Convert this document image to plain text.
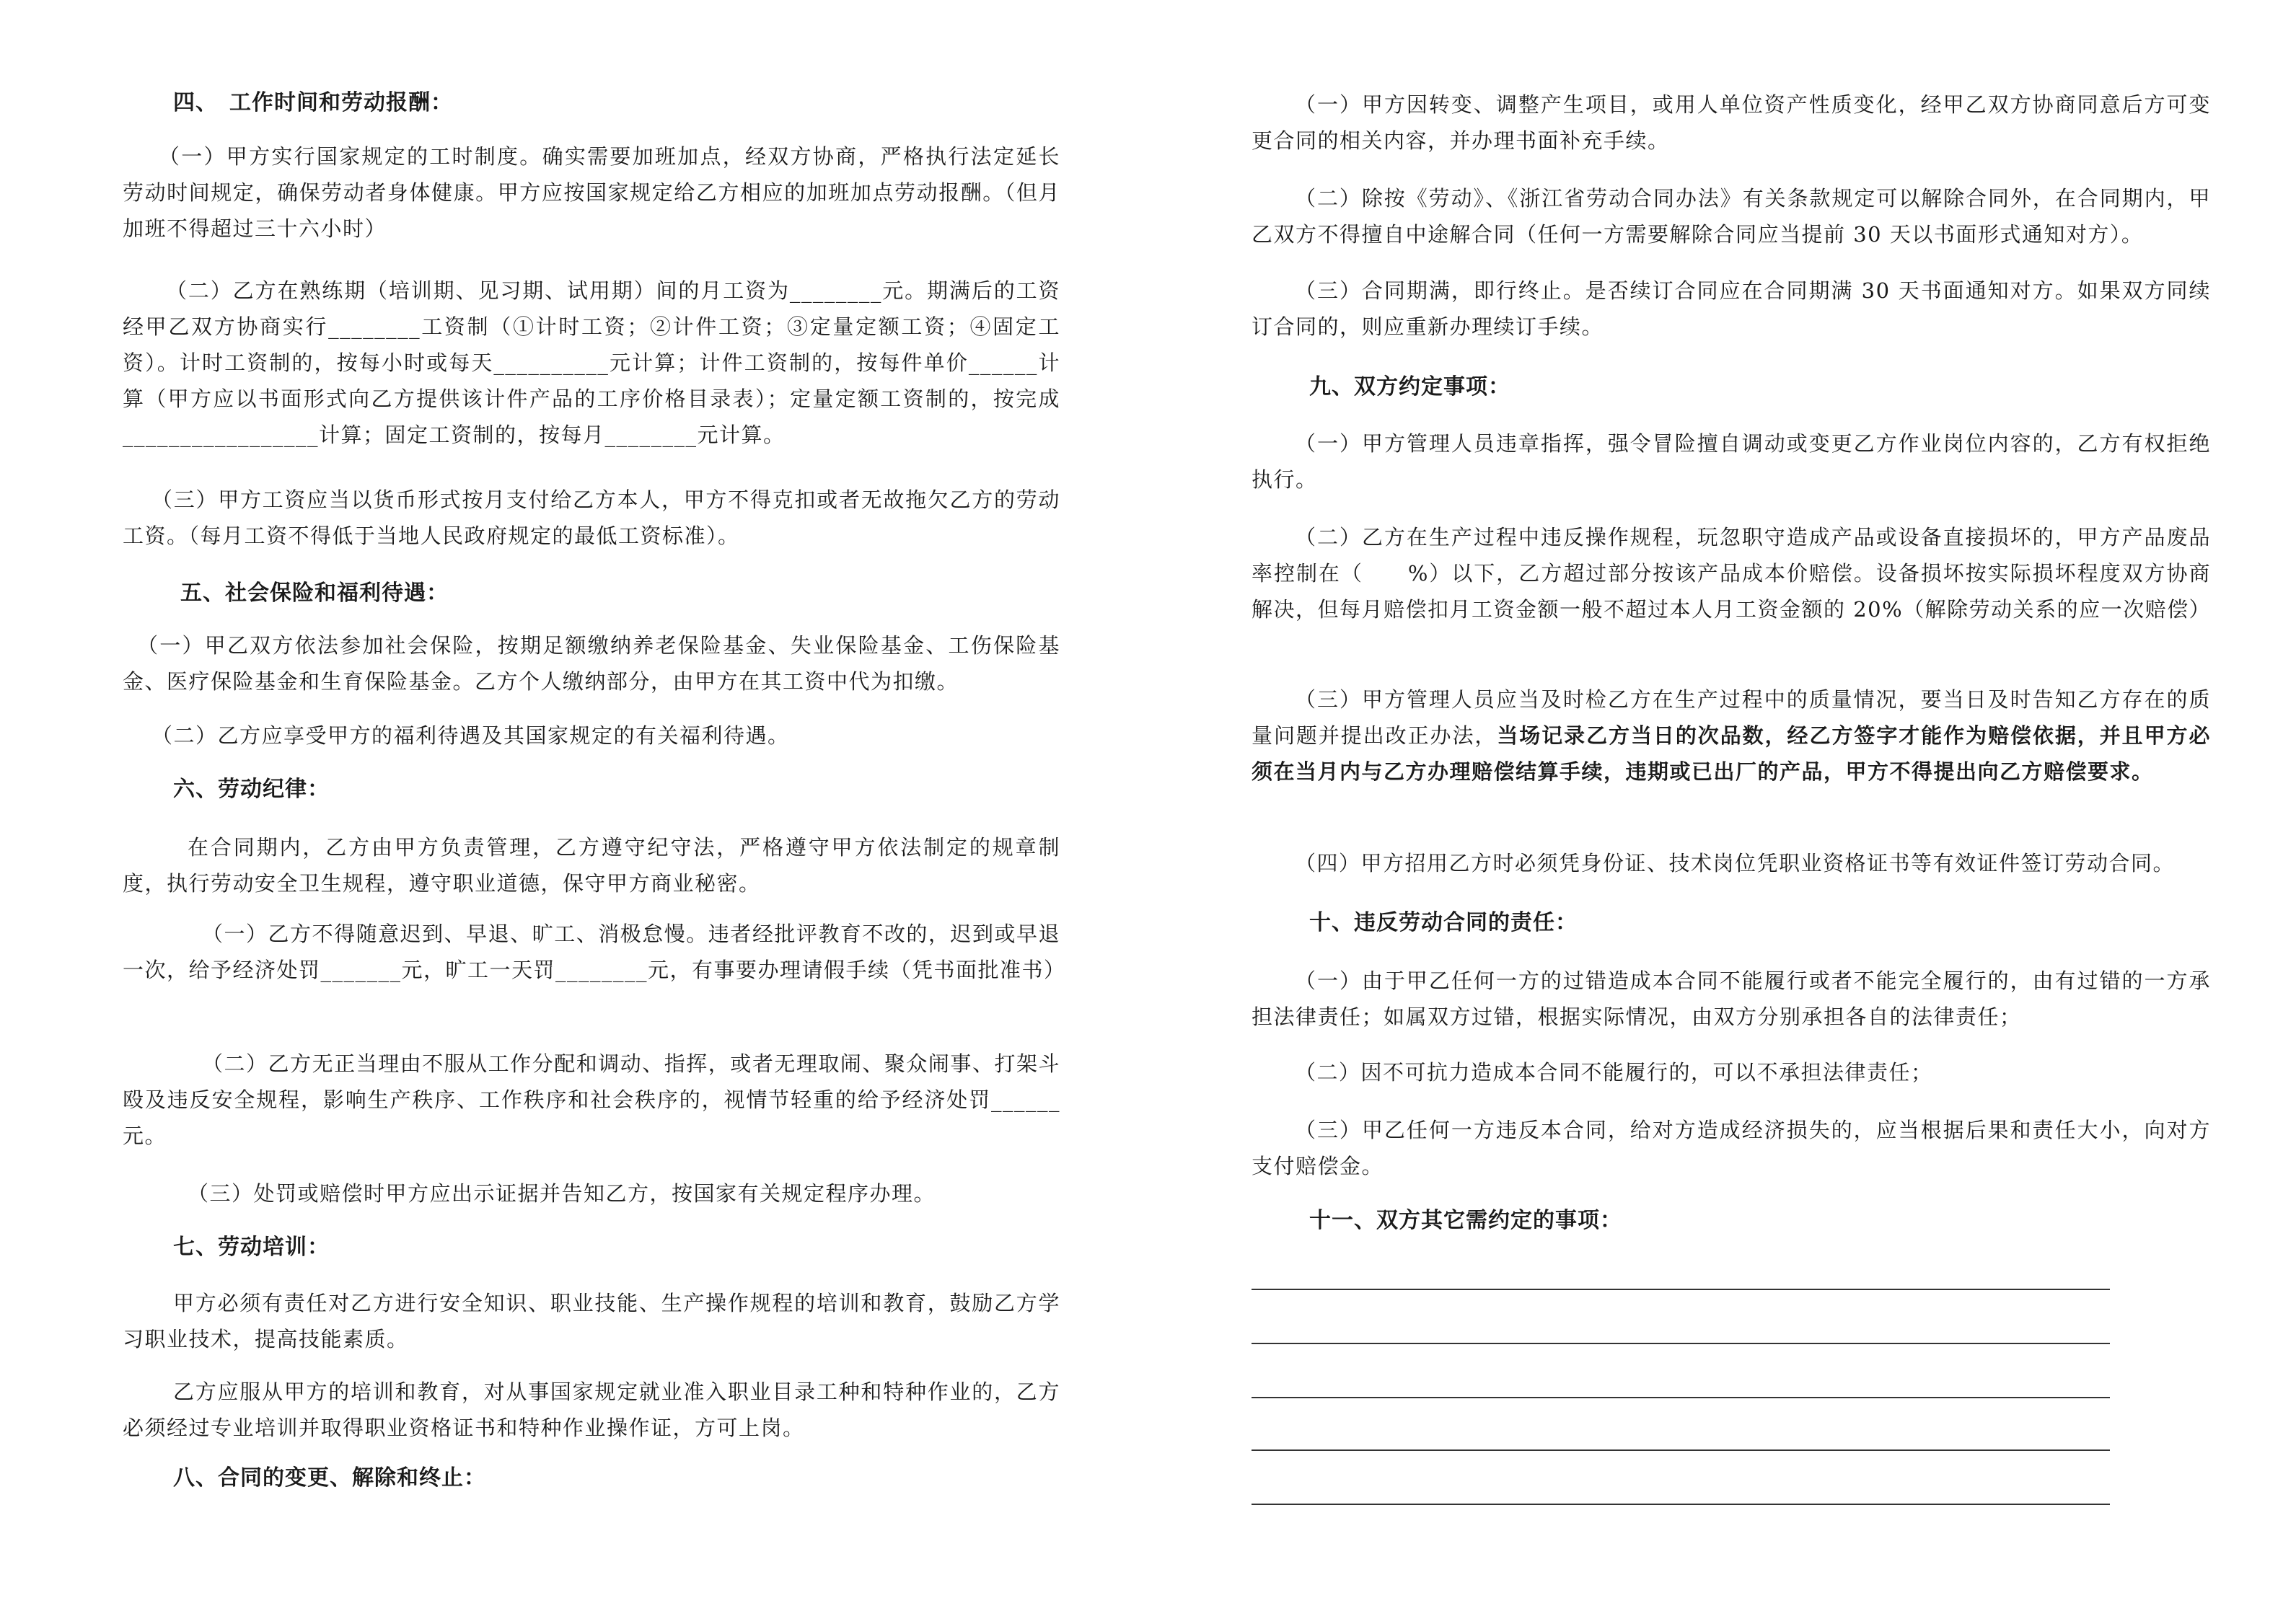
四、　工作时间和劳动报酬：
（一）甲方实行国家规定的工时制度。确实需要加班加点，经双方协商，严格执行法定延长劳动时间规定，确保劳动者身体健康。甲方应按国家规定给乙方相应的加班加点劳动报酬。（但月加班不得超过三十六小时）
（二）乙方在熟练期（培训期、见习期、试用期）间的月工资为________元。期满后的工资经甲乙双方协商实行________工资制（①计时工资；②计件工资；③定量定额工资；④固定工资）。计时工资制的，按每小时或每天__________元计算；计件工资制的，按每件单价______计算（甲方应以书面形式向乙方提供该计件产品的工序价格目录表）；定量定额工资制的，按完成_________________计算；固定工资制的，按每月________元计算。
（三）甲方工资应当以货币形式按月支付给乙方本人，甲方不得克扣或者无故拖欠乙方的劳动工资。（每月工资不得低于当地人民政府规定的最低工资标准）。
五、社会保险和福利待遇：
（一）甲乙双方依法参加社会保险，按期足额缴纳养老保险基金、失业保险基金、工伤保险基金、医疗保险基金和生育保险基金。乙方个人缴纳部分，由甲方在其工资中代为扣缴。
（二）乙方应享受甲方的福利待遇及其国家规定的有关福利待遇。
六、劳动纪律：
在合同期内，乙方由甲方负责管理，乙方遵守纪守法，严格遵守甲方依法制定的规章制度，执行劳动安全卫生规程，遵守职业道德，保守甲方商业秘密。
（一）乙方不得随意迟到、早退、旷工、消极怠慢。违者经批评教育不改的，迟到或早退一次，给予经济处罚_______元，旷工一天罚________元，有事要办理请假手续（凭书面批准书）
（二）乙方无正当理由不服从工作分配和调动、指挥，或者无理取闹、聚众闹事、打架斗殴及违反安全规程，影响生产秩序、工作秩序和社会秩序的，视情节轻重的给予经济处罚______元。
（三）处罚或赔偿时甲方应出示证据并告知乙方，按国家有关规定程序办理。
七、劳动培训：
甲方必须有责任对乙方进行安全知识、职业技能、生产操作规程的培训和教育，鼓励乙方学习职业技术，提高技能素质。
乙方应服从甲方的培训和教育，对从事国家规定就业准入职业目录工种和特种作业的，乙方必须经过专业培训并取得职业资格证书和特种作业操作证，方可上岗。
八、合同的变更、解除和终止：
（一）甲方因转变、调整产生项目，或用人单位资产性质变化，经甲乙双方协商同意后方可变更合同的相关内容，并办理书面补充手续。
（二）除按《劳动》、《浙江省劳动合同办法》有关条款规定可以解除合同外，在合同期内，甲乙双方不得擅自中途解合同（任何一方需要解除合同应当提前 30 天以书面形式通知对方）。
（三）合同期满，即行终止。是否续订合同应在合同期满 30 天书面通知对方。如果双方同续订合同的，则应重新办理续订手续。
九、双方约定事项：
（一）甲方管理人员违章指挥，强令冒险擅自调动或变更乙方作业岗位内容的，乙方有权拒绝执行。
（二）乙方在生产过程中违反操作规程，玩忽职守造成产品或设备直接损坏的，甲方产品废品率控制在（　　%）以下，乙方超过部分按该产品成本价赔偿。设备损坏按实际损坏程度双方协商解决，但每月赔偿扣月工资金额一般不超过本人月工资金额的 20%（解除劳动关系的应一次赔偿）
（三）甲方管理人员应当及时检乙方在生产过程中的质量情况，要当日及时告知乙方存在的质量问题并提出改正办法，当场记录乙方当日的次品数，经乙方签字才能作为赔偿依据，并且甲方必须在当月内与乙方办理赔偿结算手续，违期或已出厂的产品，甲方不得提出向乙方赔偿要求。
（四）甲方招用乙方时必须凭身份证、技术岗位凭职业资格证书等有效证件签订劳动合同。
十、违反劳动合同的责任：
（一）由于甲乙任何一方的过错造成本合同不能履行或者不能完全履行的，由有过错的一方承担法律责任；如属双方过错，根据实际情况，由双方分别承担各自的法律责任；
（二）因不可抗力造成本合同不能履行的，可以不承担法律责任；
（三）甲乙任何一方违反本合同，给对方造成经济损失的，应当根据后果和责任大小，向对方支付赔偿金。
十一、双方其它需约定的事项：
